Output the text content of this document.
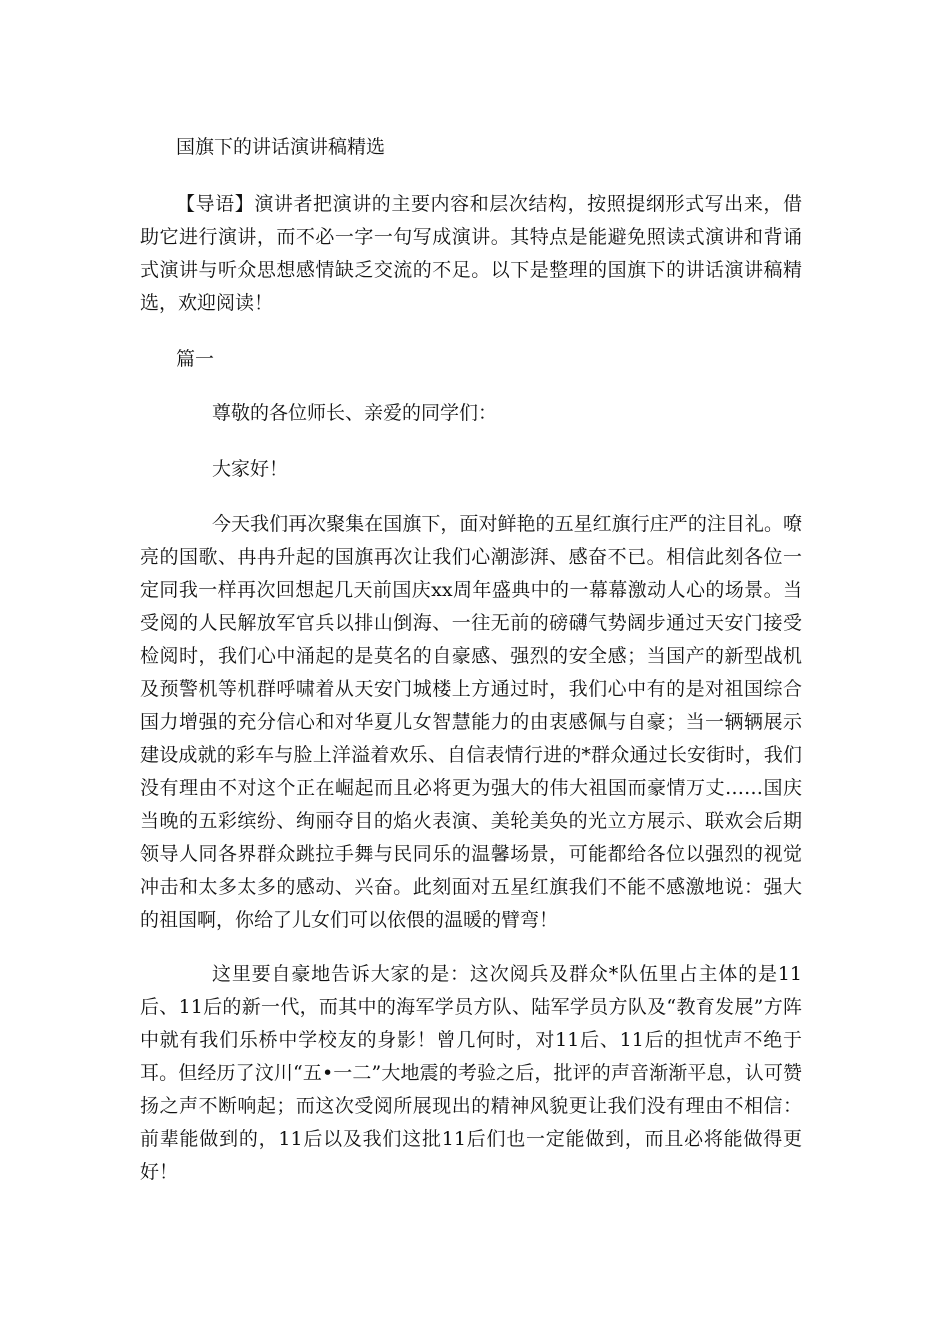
国旗下的讲话演讲稿精选

【导语】演讲者把演讲的主要内容和层次结构，按照提纲形式写出来，借助它进行演讲，而不必一字一句写成演讲。其特点是能避免照读式演讲和背诵式演讲与听众思想感情缺乏交流的不足。以下是整理的国旗下的讲话演讲稿精选，欢迎阅读！

篇一
尊敬的各位师长、亲爱的同学们：
大家好！

今天我们再次聚集在国旗下，面对鲜艳的五星红旗行庄严的注目礼。嘹亮的国歌、冉冉升起的国旗再次让我们心潮澎湃、感奋不已。相信此刻各位一定同我一样再次回想起几天前国庆xx周年盛典中的一幕幕激动人心的场景。当受阅的人民解放军官兵以排山倒海、一往无前的磅礴气势阔步通过天安门接受检阅时，我们心中涌起的是莫名的自豪感、强烈的安全感；当国产的新型战机及预警机等机群呼啸着从天安门城楼上方通过时，我们心中有的是对祖国综合国力增强的充分信心和对华夏儿女智慧能力的由衷感佩与自豪；当一辆辆展示建设成就的彩车与脸上洋溢着欢乐、自信表情行进的*群众通过长安街时，我们没有理由不对这个正在崛起而且必将更为强大的伟大祖国而豪情万丈……国庆当晚的五彩缤纷、绚丽夺目的焰火表演、美轮美奂的光立方展示、联欢会后期领导人同各界群众跳拉手舞与民同乐的温馨场景，可能都给各位以强烈的视觉冲击和太多太多的感动、兴奋。此刻面对五星红旗我们不能不感激地说：强大的祖国啊，你给了儿女们可以依偎的温暖的臂弯！

这里要自豪地告诉大家的是：这次阅兵及群众*队伍里占主体的是11后、11后的新一代，而其中的海军学员方队、陆军学员方队及“教育发展”方阵中就有我们乐桥中学校友的身影！曾几何时，对11后、11后的担忧声不绝于耳。但经历了汶川“五•一二”大地震的考验之后，批评的声音渐渐平息，认可赞扬之声不断响起；而这次受阅所展现出的精神风貌更让我们没有理由不相信：前辈能做到的，11后以及我们这批11后们也一定能做到，而且必将能做得更好！
